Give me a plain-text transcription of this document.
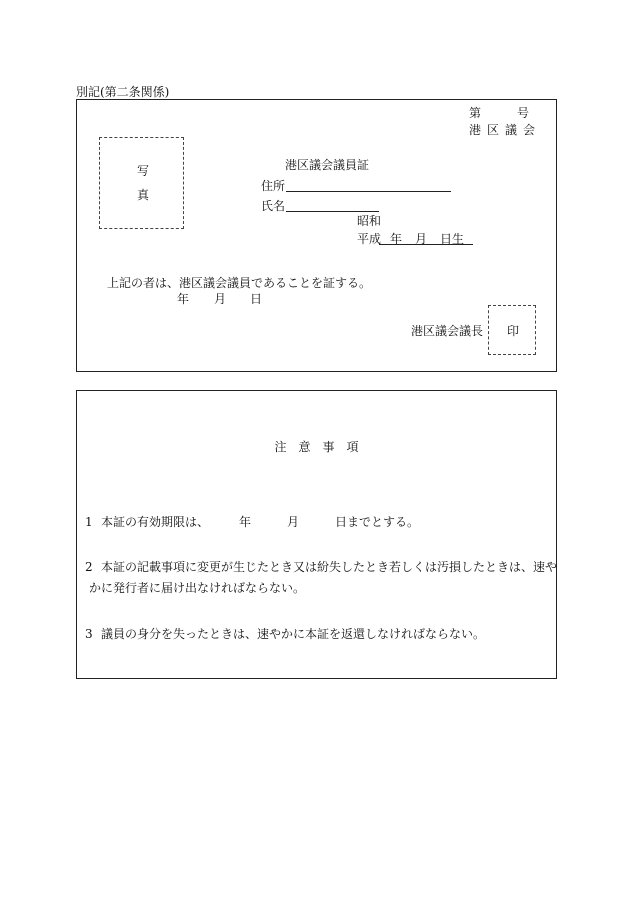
別記(第二条関係)
第　　　号
港区議会
写
真
港区議会議員証
住所
氏名
昭和
平成 年 月 日生
上記の者は、港区議会議員であることを証する。
年 月 日
港区議会議長 印
注　意　事　項
1 本証の有効期限は、　　　年　　　月　　　日までとする。
2 本証の記載事項に変更が生じたとき又は紛失したとき若しくは汚損したときは、速や
かに発行者に届け出なければならない。
3 議員の身分を失ったときは、速やかに本証を返還しなければならない。
